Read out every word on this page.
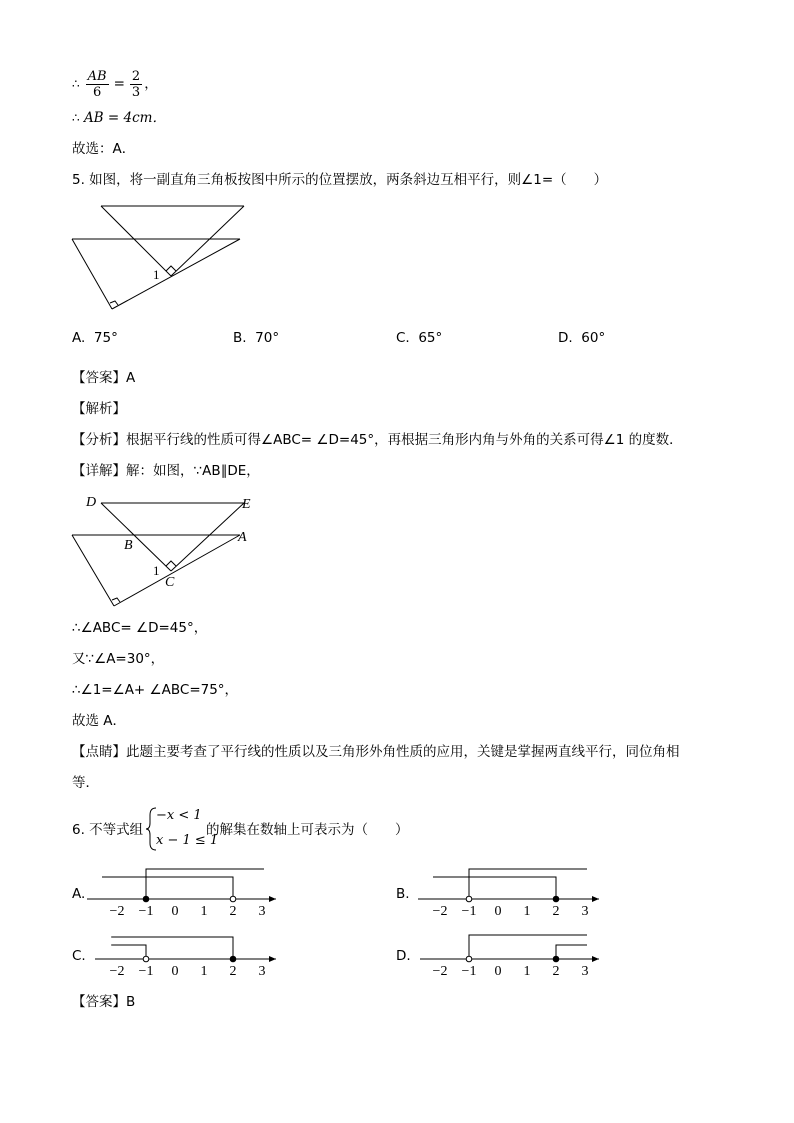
∴ $\frac{AB}{6} = \frac{2}{3}$ ，
∴ AB = 4cm．
故选：A．
5. 如图，将一副直角三角板按图中所示的位置摆放，两条斜边互相平行，则∠1=（　　）
1
A. 75°	B. 70°	C. 65°	D. 60°
【答案】A
【解析】
【分析】根据平行线的性质可得∠ABC= ∠D=45°，再根据三角形内角与外角的关系可得∠1 的度数．
【详解】解：如图，∵AB∥DE，
D	E
B
A
C
1
∴∠ABC= ∠D=45°，
又∵∠A=30°，
∴∠1=∠A+ ∠ABC=75°，
故选 A．
【点睛】此题主要考查了平行线的性质以及三角形外角性质的应用，关键是掌握两直线平行，同位角相
等．
6. 不等式组
−x < 1
x − 1 ≤ 1
的解集在数轴上可表示为（　　）
A.	B.
C.	D.
−2 −1 0 1 2 3	−2 −1 0 1 2 3
−2 −1 0 1 2 3	−2 −1 0 1 2 3
【答案】B
